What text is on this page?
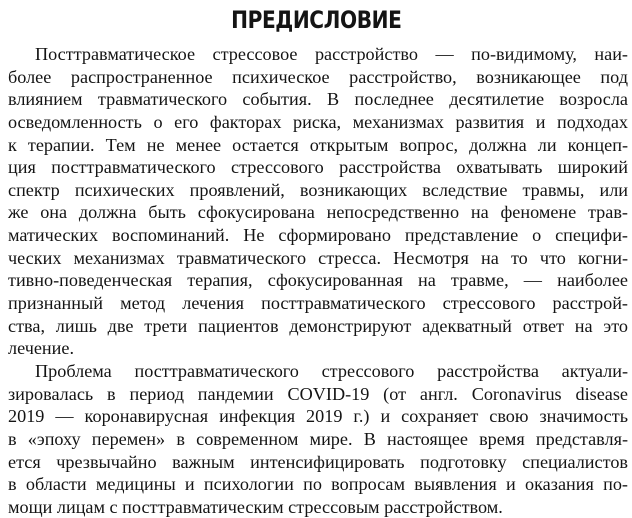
ПРЕДИСЛОВИЕ
Посттравматическое стрессовое расстройство — по-видимому, наи-
более распространенное психическое расстройство, возникающее под
влиянием травматического события. В последнее десятилетие возросла
осведомленность о его факторах риска, механизмах развития и подходах
к терапии. Тем не менее остается открытым вопрос, должна ли концеп-
ция посттравматического стрессового расстройства охватывать широкий
спектр психических проявлений, возникающих вследствие травмы, или
же она должна быть сфокусирована непосредственно на феномене трав-
матических воспоминаний. Не сформировано представление о специфи-
ческих механизмах травматического стресса. Несмотря на то что когни-
тивно-поведенческая терапия, сфокусированная на травме, — наиболее
признанный метод лечения посттравматического стрессового расстрой-
ства, лишь две трети пациентов демонстрируют адекватный ответ на это
лечение.
Проблема посттравматического стрессового расстройства актуали-
зировалась в период пандемии COVID-19 (от англ. Coronavirus disease
2019 — коронавирусная инфекция 2019 г.) и сохраняет свою значимость
в «эпоху перемен» в современном мире. В настоящее время представля-
ется чрезвычайно важным интенсифицировать подготовку специалистов
в области медицины и психологии по вопросам выявления и оказания по-
мощи лицам с посттравматическим стрессовым расстройством.
